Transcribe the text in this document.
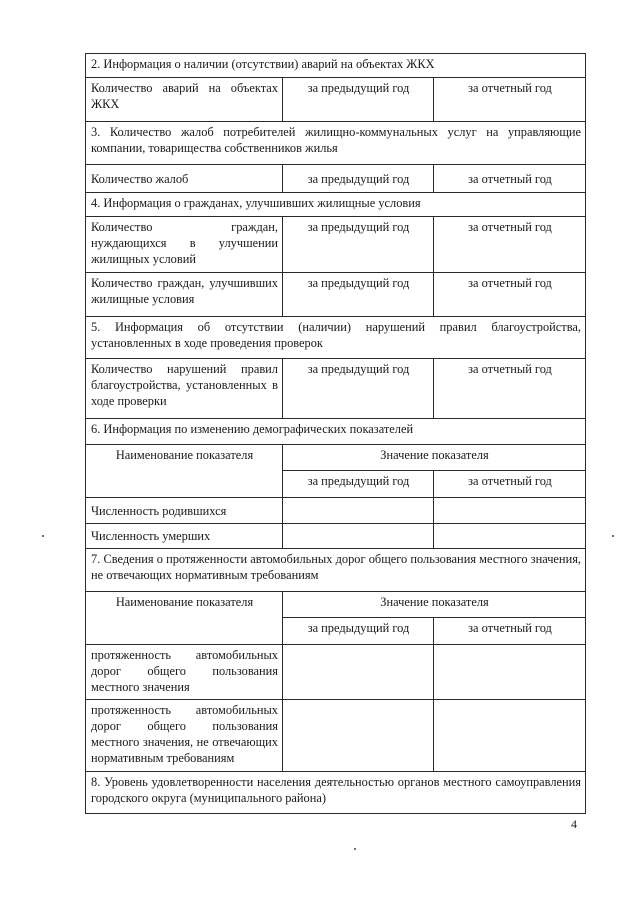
2. Информация о наличии (отсутствии) аварий на объектах ЖКХ		
Количество аварий на объектах ЖКХ	за предыдущий год	за отчетный год
3. Количество жалоб потребителей жилищно-коммунальных услуг на управляющие компании, товарищества собственников жилья		
Количество жалоб	за предыдущий год	за отчетный год
4. Информация о гражданах, улучшивших жилищные условия		
Количество граждан, нуждающихся в улучшении жилищных условий	за предыдущий год	за отчетный год
Количество граждан, улучшивших жилищные условия	за предыдущий год	за отчетный год
5. Информация об отсутствии (наличии) нарушений правил благоустройства, установленных в ходе проведения проверок		
Количество нарушений правил благоустройства, установленных в ходе проверки	за предыдущий год	за отчетный год
6. Информация по изменению демографических показателей		
Наименование показателя	Значение показателя	
	за предыдущий год	за отчетный год
Численность родившихся		
Численность умерших		
7. Сведения о протяженности автомобильных дорог общего пользования местного значения, не отвечающих нормативным требованиям		
Наименование показателя	Значение показателя	
	за предыдущий год	за отчетный год
протяженность автомобильных дорог общего пользования местного значения		
протяженность автомобильных дорог общего пользования местного значения, не отвечающих нормативным требованиям		
8. Уровень удовлетворенности населения деятельностью органов местного самоуправления городского округа (муниципального района)		
4
